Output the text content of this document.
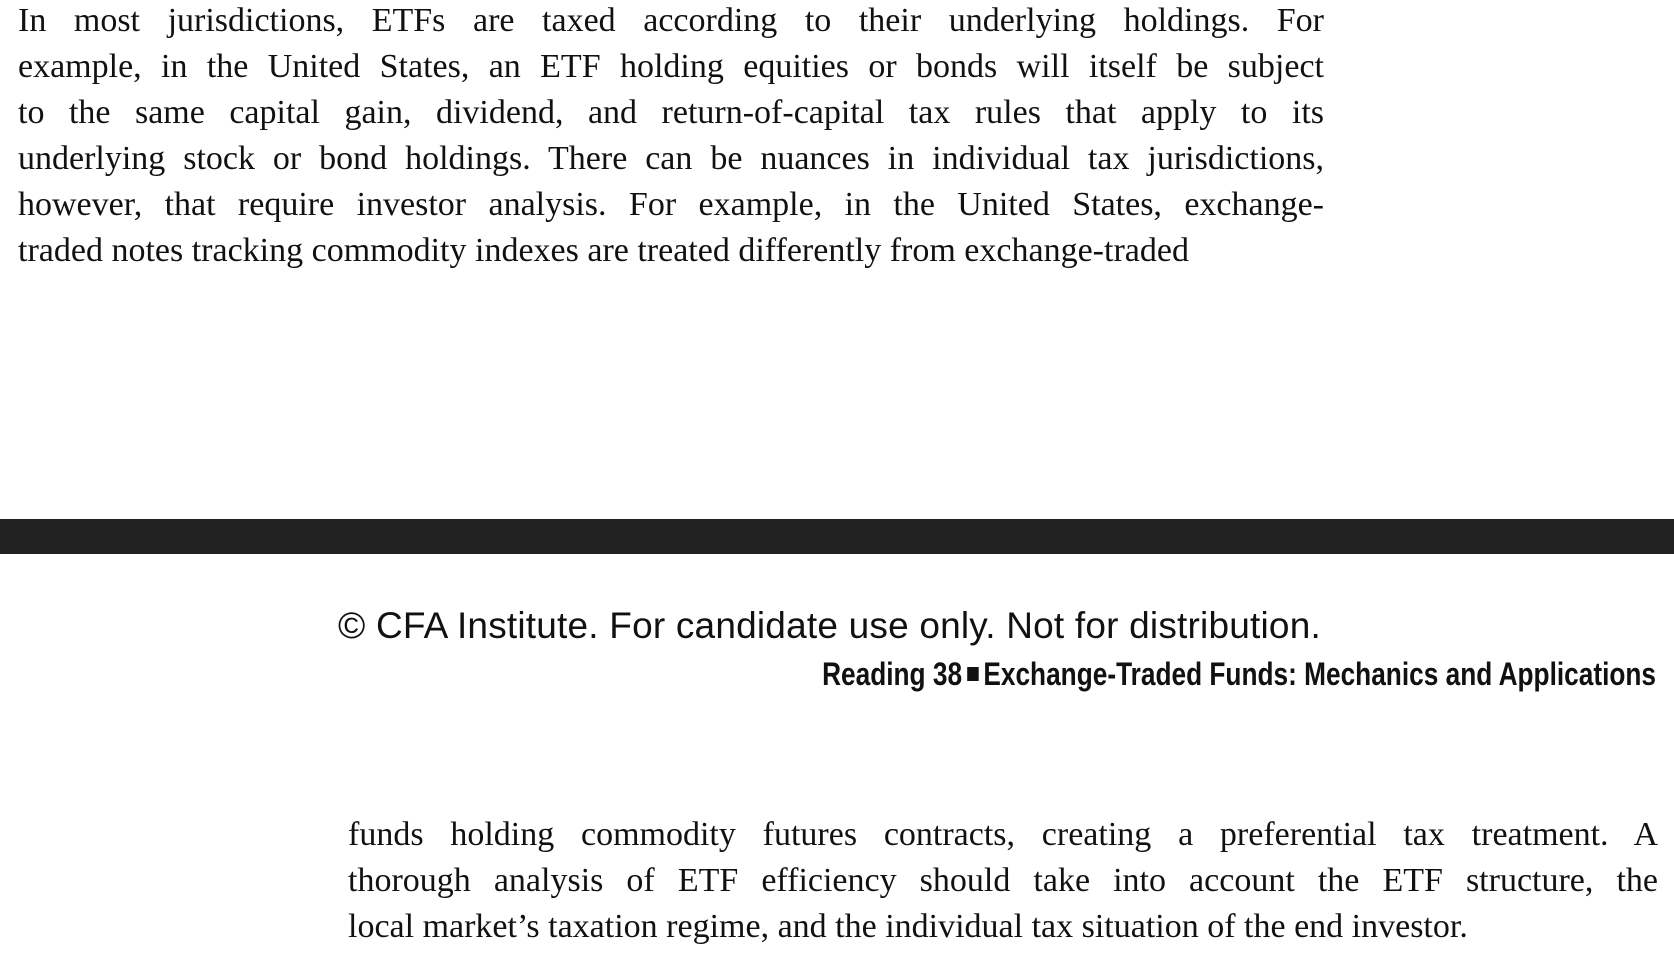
In most jurisdictions, ETFs are taxed according to their underlying holdings. For
example, in the United States, an ETF holding equities or bonds will itself be subject
to the same capital gain, dividend, and return-of-capital tax rules that apply to its
underlying stock or bond holdings. There can be nuances in individual tax jurisdictions,
however, that require investor analysis. For example, in the United States, exchange-
traded notes tracking commodity indexes are treated differently from exchange-traded
© CFA Institute. For candidate use only. Not for distribution.
Reading 38 Exchange-Traded Funds: Mechanics and Applications
funds holding commodity futures contracts, creating a preferential tax treatment. A
thorough analysis of ETF efficiency should take into account the ETF structure, the
local market’s taxation regime, and the individual tax situation of the end investor.
